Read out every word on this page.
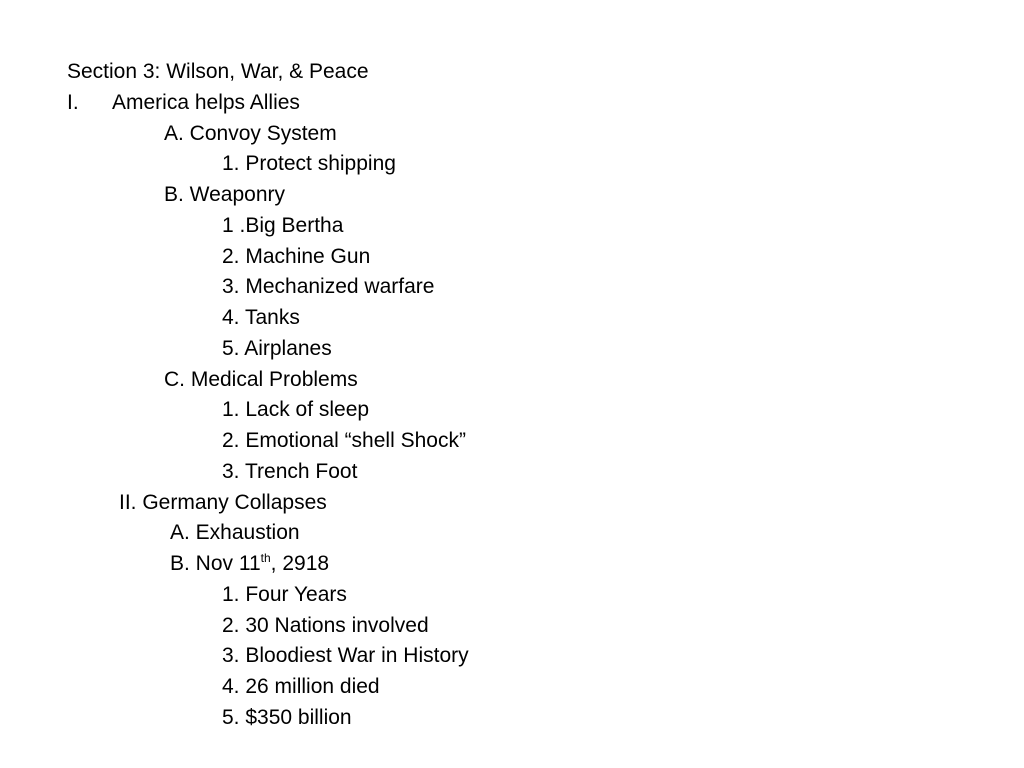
Section 3: Wilson, War, & Peace
I. America helps Allies
A. Convoy System
1. Protect shipping
B. Weaponry
1 .Big Bertha
2. Machine Gun
3. Mechanized warfare
4. Tanks
5. Airplanes
C. Medical Problems
1. Lack of sleep
2. Emotional “shell Shock”
3. Trench Foot
II. Germany Collapses
A. Exhaustion
B. Nov 11th, 2918
1. Four Years
2. 30 Nations involved
3. Bloodiest War in History
4. 26 million died
5. $350 billion
